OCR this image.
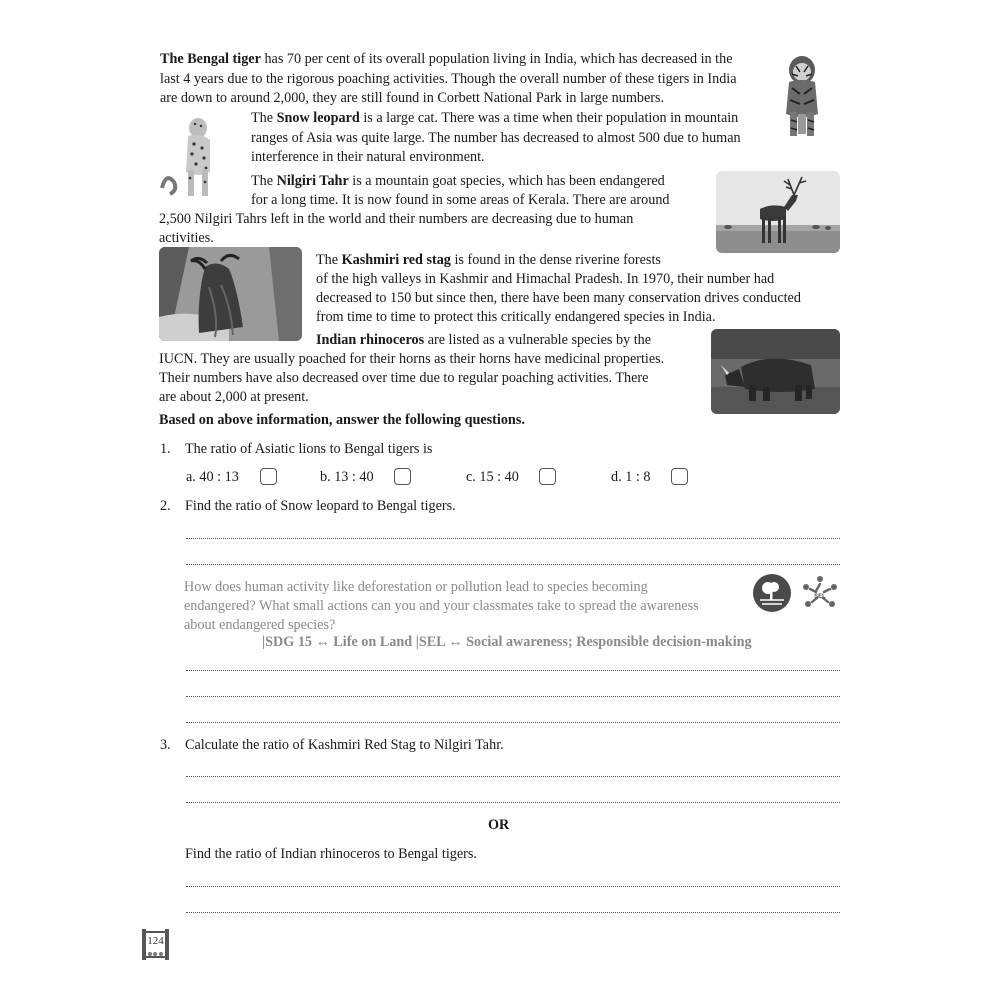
The Bengal tiger has 70 per cent of its overall population living in India, which has decreased in the last 4 years due to the rigorous poaching activities. Though the overall number of these tigers in India are down to around 2,000, they are still found in Corbett National Park in large numbers.

The Snow leopard is a large cat. There was a time when their population in mountain ranges of Asia was quite large. The number has decreased to almost 500 due to human interference in their natural environment.

The Nilgiri Tahr is a mountain goat species, which has been endangered

for a long time. It is now found in some areas of Kerala. There are around

2,500 Nilgiri Tahrs left in the world and their numbers are decreasing due to human

activities.

The Kashmiri red stag is found in the dense riverine forests

of the high valleys in Kashmir and Himachal Pradesh. In 1970, their number had

decreased to 150 but since then, there have been many conservation drives conducted

from time to time to protect this critically endangered species in India.

Indian rhinoceros are listed as a vulnerable species by the

IUCN. They are usually poached for their horns as their horns have medicinal properties.

Their numbers have also decreased over time due to regular poaching activities. There

are about 2,000 at present.

Based on above information, answer the following questions.

1. The ratio of Asiatic lions to Bengal tigers is
a. 40 : 13	b. 13 : 40	c. 15 : 40	d. 1 : 8
2. Find the ratio of Snow leopard to Bengal tigers.

How does human activity like deforestation or pollution lead to species becoming

endangered? What small actions can you and your classmates take to spread the awareness

about endangered species?

|SDG 15 ↔ Life on Land |SEL ↔ Social awareness; Responsible decision-making

SEL
3. Calculate the ratio of Kashmiri Red Stag to Nilgiri Tahr.
OR
Find the ratio of Indian rhinoceros to Bengal tigers.
124
